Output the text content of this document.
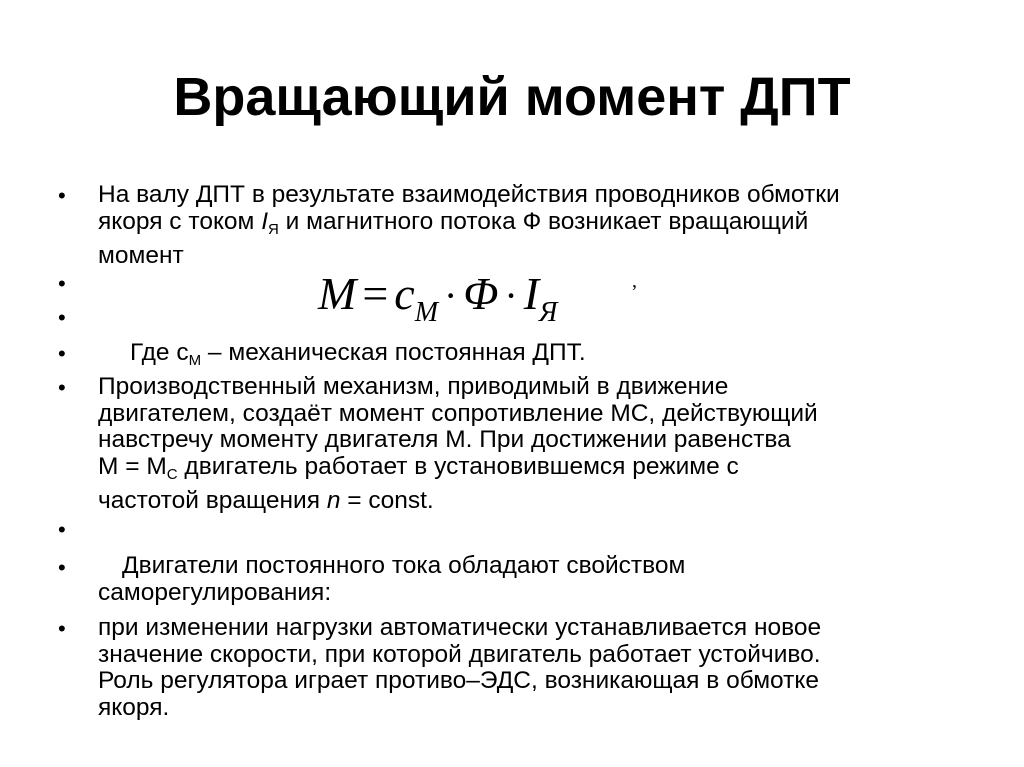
Вращающий момент ДПТ
•
•
•
•
•
•
•
•
На валу ДПТ в результате взаимодействия проводников обмотки
якоря с током $I_Я$ и магнитного потока Ф возникает вращающий
момент
$M = c_M \cdot \Phi \cdot I_Я$
,
Где $с_М$ – механическая постоянная ДПТ.
Производственный механизм, приводимый в движение
двигателем, создаёт момент сопротивление МС, действующий
навстречу моменту двигателя М. При достижении равенства
$М = М_С$ двигатель работает в установившемся режиме с
частотой вращения n = const.
Двигатели постоянного тока обладают свойством
саморегулирования:
при изменении нагрузки автоматически устанавливается новое
значение скорости, при которой двигатель работает устойчиво.
Роль регулятора играет противо–ЭДС, возникающая в обмотке
якоря.
